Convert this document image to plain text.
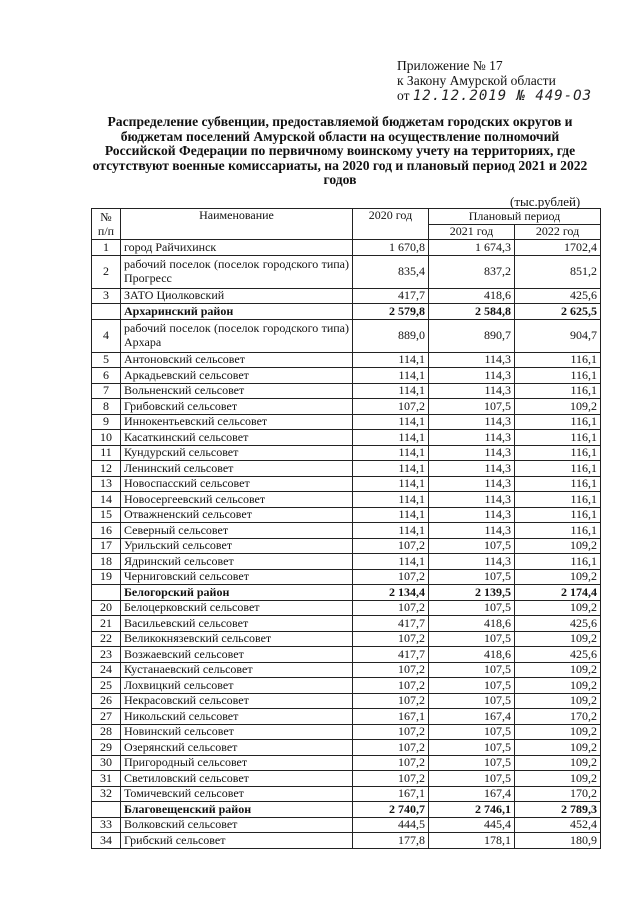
Приложение № 17
к Закону Амурской области
от 12.12.2019 № 449-ОЗ
Распределение субвенции, предоставляемой бюджетам городских округов и бюджетам поселений Амурской области на осуществление полномочий Российской Федерации по первичному воинскому учету на территориях, где отсутствуют военные комиссариаты, на 2020 год и плановый период 2021 и 2022 годов
(тыс.рублей)
№ п/п	Наименование	2020 год	Плановый период	
			2021 год	2022 год
1	город Райчихинск	1 670,8	1 674,3	1702,4
2	рабочий поселок (поселок городского типа) Прогресс	835,4	837,2	851,2
3	ЗАТО Циолковский	417,7	418,6	425,6
	Архаринский район	2 579,8	2 584,8	2 625,5
4	рабочий поселок (поселок городского типа) Архара	889,0	890,7	904,7
5	Антоновский сельсовет	114,1	114,3	116,1
6	Аркадьевский сельсовет	114,1	114,3	116,1
7	Вольненский сельсовет	114,1	114,3	116,1
8	Грибовский сельсовет	107,2	107,5	109,2
9	Иннокентьевский сельсовет	114,1	114,3	116,1
10	Касаткинский сельсовет	114,1	114,3	116,1
11	Кундурский сельсовет	114,1	114,3	116,1
12	Ленинский сельсовет	114,1	114,3	116,1
13	Новоспасский сельсовет	114,1	114,3	116,1
14	Новосергеевский сельсовет	114,1	114,3	116,1
15	Отважненский сельсовет	114,1	114,3	116,1
16	Северный сельсовет	114,1	114,3	116,1
17	Урильский сельсовет	107,2	107,5	109,2
18	Ядринский сельсовет	114,1	114,3	116,1
19	Черниговский сельсовет	107,2	107,5	109,2
	Белогорский район	2 134,4	2 139,5	2 174,4
20	Белоцерковский сельсовет	107,2	107,5	109,2
21	Васильевский сельсовет	417,7	418,6	425,6
22	Великокнязевский сельсовет	107,2	107,5	109,2
23	Возжаевский сельсовет	417,7	418,6	425,6
24	Кустанаевский сельсовет	107,2	107,5	109,2
25	Лохвицкий сельсовет	107,2	107,5	109,2
26	Некрасовский сельсовет	107,2	107,5	109,2
27	Никольский сельсовет	167,1	167,4	170,2
28	Новинский сельсовет	107,2	107,5	109,2
29	Озерянский сельсовет	107,2	107,5	109,2
30	Пригородный сельсовет	107,2	107,5	109,2
31	Светиловский сельсовет	107,2	107,5	109,2
32	Томичевский сельсовет	167,1	167,4	170,2
	Благовещенский район	2 740,7	2 746,1	2 789,3
33	Волковский сельсовет	444,5	445,4	452,4
34	Грибский сельсовет	177,8	178,1	180,9
